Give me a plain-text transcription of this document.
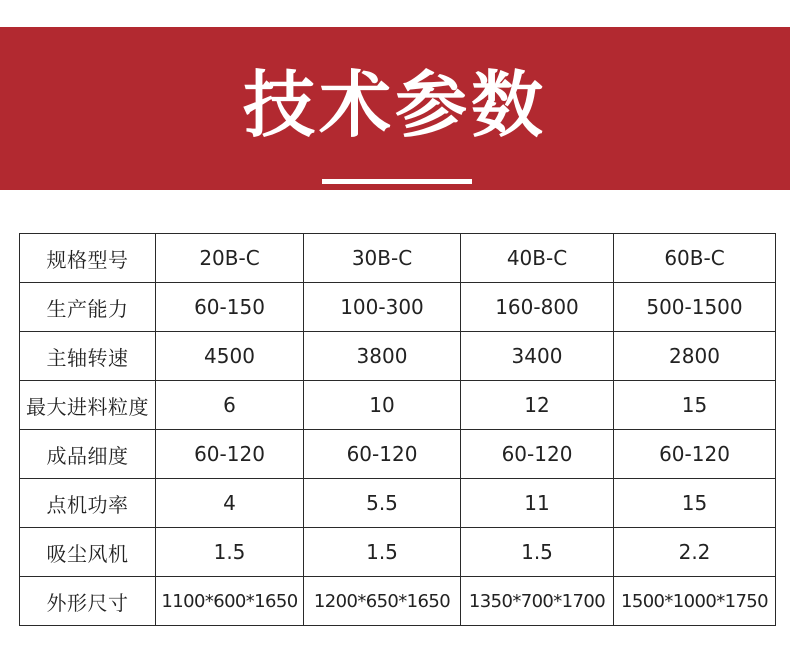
技术参数
规格型号	20B-C	30B-C	40B-C	60B-C
生产能力	60-150	100-300	160-800	500-1500
主轴转速	4500	3800	3400	2800
最大进料粒度	6	10	12	15
成品细度	60-120	60-120	60-120	60-120
点机功率	4	5.5	11	15
吸尘风机	1.5	1.5	1.5	2.2
外形尺寸	1100*600*1650	1200*650*1650	1350*700*1700	1500*1000*1750
